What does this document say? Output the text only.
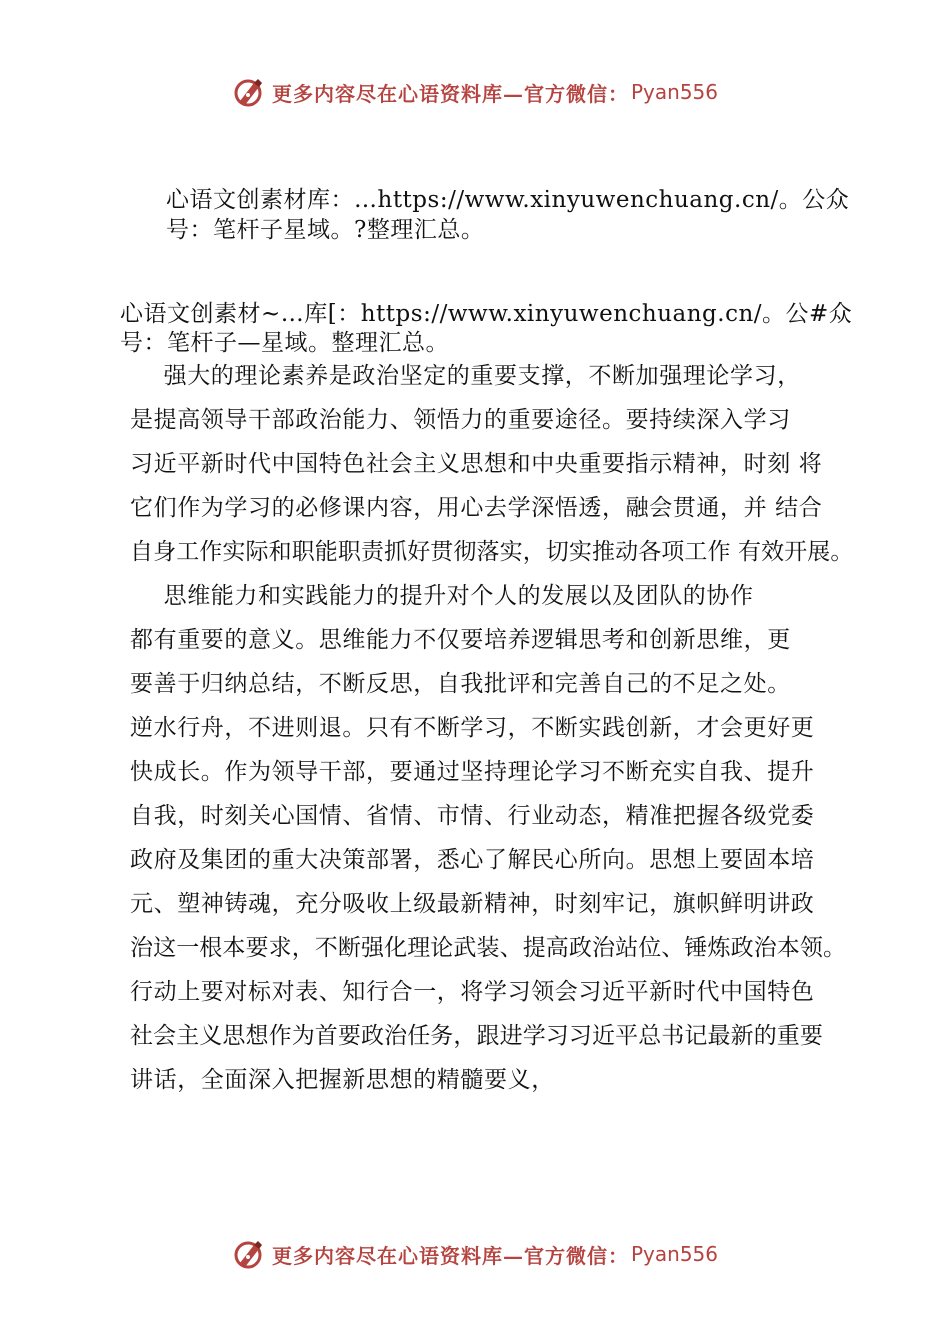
更多内容尽在心语资料库—官方微信： Pyan556
心语文创素材库：…https://www.xinyuwenchuang.cn/。公众
号：笔杆子星域。?整理汇总。
心语文创素材~…库[：https://www.xinyuwenchuang.cn/。公#众
号：笔杆子—星域。整理汇总。
　强大的理论素养是政治坚定的重要支撑，不断加强理论学习，
是提高领导干部政治能力、领悟力的重要途径。要持续深入学习
习近平新时代中国特色社会主义思想和中央重要指示精神，时刻 将
它们作为学习的必修课内容，用心去学深悟透，融会贯通，并 结合
自身工作实际和职能职责抓好贯彻落实，切实推动各项工作 有效开展。
　思维能力和实践能力的提升对个人的发展以及团队的协作
都有重要的意义。思维能力不仅要培养逻辑思考和创新思维，更
要善于归纳总结，不断反思，自我批评和完善自己的不足之处。
逆水行舟，不进则退。只有不断学习，不断实践创新，才会更好更
快成长。作为领导干部，要通过坚持理论学习不断充实自我、提升
自我，时刻关心国情、省情、市情、行业动态，精准把握各级党委
政府及集团的重大决策部署，悉心了解民心所向。思想上要固本培
元、塑神铸魂，充分吸收上级最新精神，时刻牢记，旗帜鲜明讲政
治这一根本要求，不断强化理论武装、提高政治站位、锤炼政治本领。
行动上要对标对表、知行合一，将学习领会习近平新时代中国特色
社会主义思想作为首要政治任务，跟进学习习近平总书记最新的重要
讲话，全面深入把握新思想的精髓要义，
更多内容尽在心语资料库—官方微信： Pyan556
